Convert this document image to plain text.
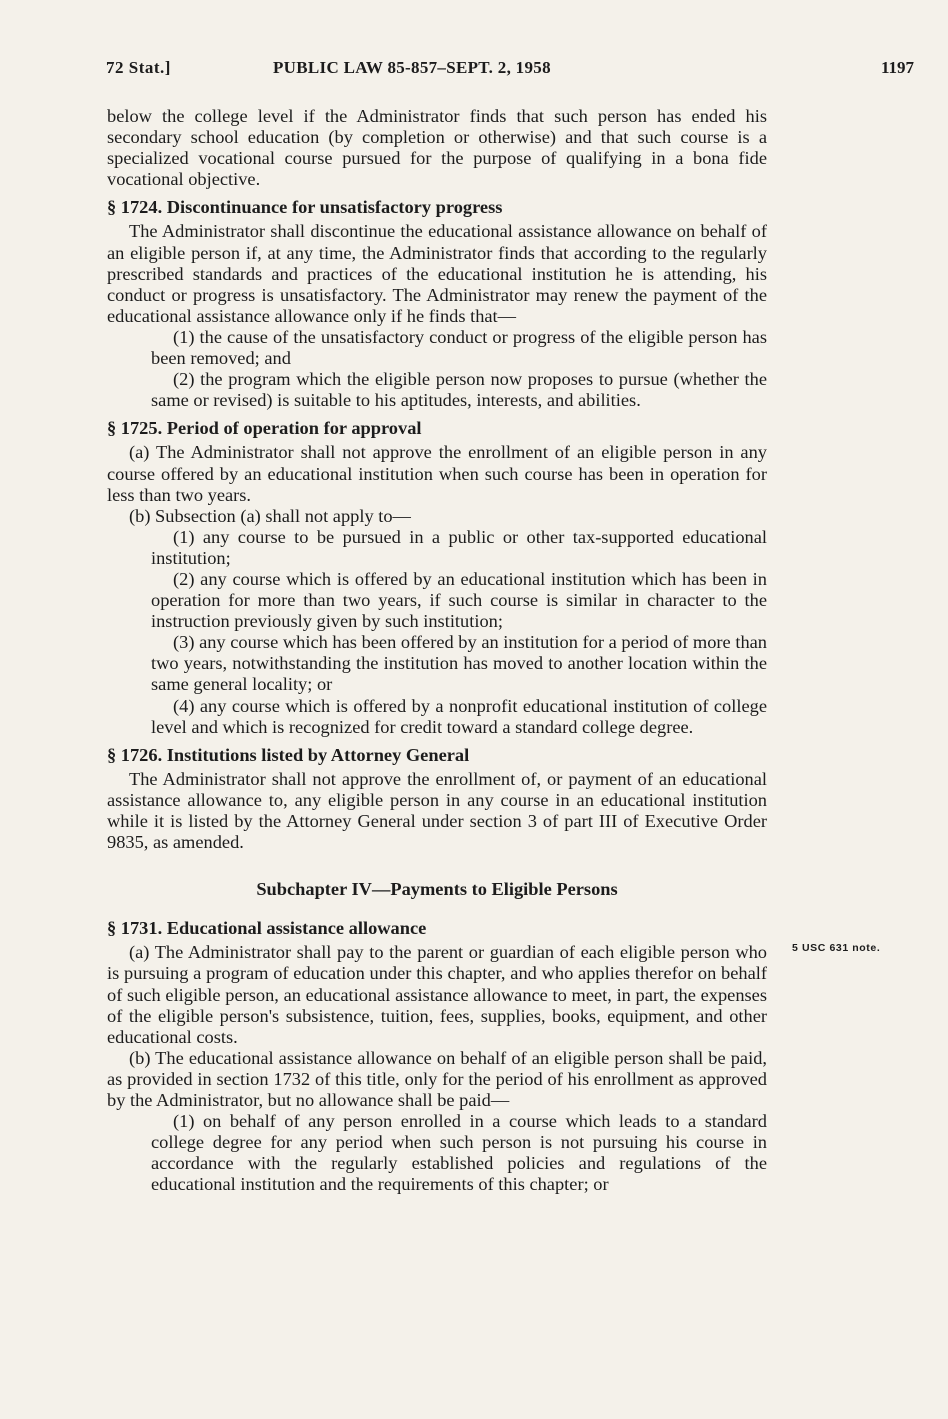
72 Stat.]	PUBLIC LAW 85-857–SEPT. 2, 1958	1197

below the college level if the Administrator finds that such person has ended his secondary school education (by completion or otherwise) and that such course is a specialized vocational course pursued for the purpose of qualifying in a bona fide vocational objective.

§ 1724. Discontinuance for unsatisfactory progress

The Administrator shall discontinue the educational assistance allowance on behalf of an eligible person if, at any time, the Administrator finds that according to the regularly prescribed standards and practices of the educational institution he is attending, his conduct or progress is unsatisfactory. The Administrator may renew the payment of the educational assistance allowance only if he finds that—

(1) the cause of the unsatisfactory conduct or progress of the eligible person has been removed; and

(2) the program which the eligible person now proposes to pursue (whether the same or revised) is suitable to his aptitudes, interests, and abilities.

§ 1725. Period of operation for approval

(a) The Administrator shall not approve the enrollment of an eligible person in any course offered by an educational institution when such course has been in operation for less than two years.

(b) Subsection (a) shall not apply to—

(1) any course to be pursued in a public or other tax-supported educational institution;

(2) any course which is offered by an educational institution which has been in operation for more than two years, if such course is similar in character to the instruction previously given by such institution;

(3) any course which has been offered by an institution for a period of more than two years, notwithstanding the institution has moved to another location within the same general locality; or

(4) any course which is offered by a nonprofit educational institution of college level and which is recognized for credit toward a standard college degree.

§ 1726. Institutions listed by Attorney General

The Administrator shall not approve the enrollment of, or payment of an educational assistance allowance to, any eligible person in any course in an educational institution while it is listed by the Attorney General under section 3 of part III of Executive Order 9835, as amended.

Subchapter IV—Payments to Eligible Persons

§ 1731. Educational assistance allowance

(a) The Administrator shall pay to the parent or guardian of each eligible person who is pursuing a program of education under this chapter, and who applies therefor on behalf of such eligible person, an educational assistance allowance to meet, in part, the expenses of the eligible person's subsistence, tuition, fees, supplies, books, equipment, and other educational costs.

(b) The educational assistance allowance on behalf of an eligible person shall be paid, as provided in section 1732 of this title, only for the period of his enrollment as approved by the Administrator, but no allowance shall be paid—

(1) on behalf of any person enrolled in a course which leads to a standard college degree for any period when such person is not pursuing his course in accordance with the regularly established policies and regulations of the educational institution and the requirements of this chapter; or

5 USC 631 note.
